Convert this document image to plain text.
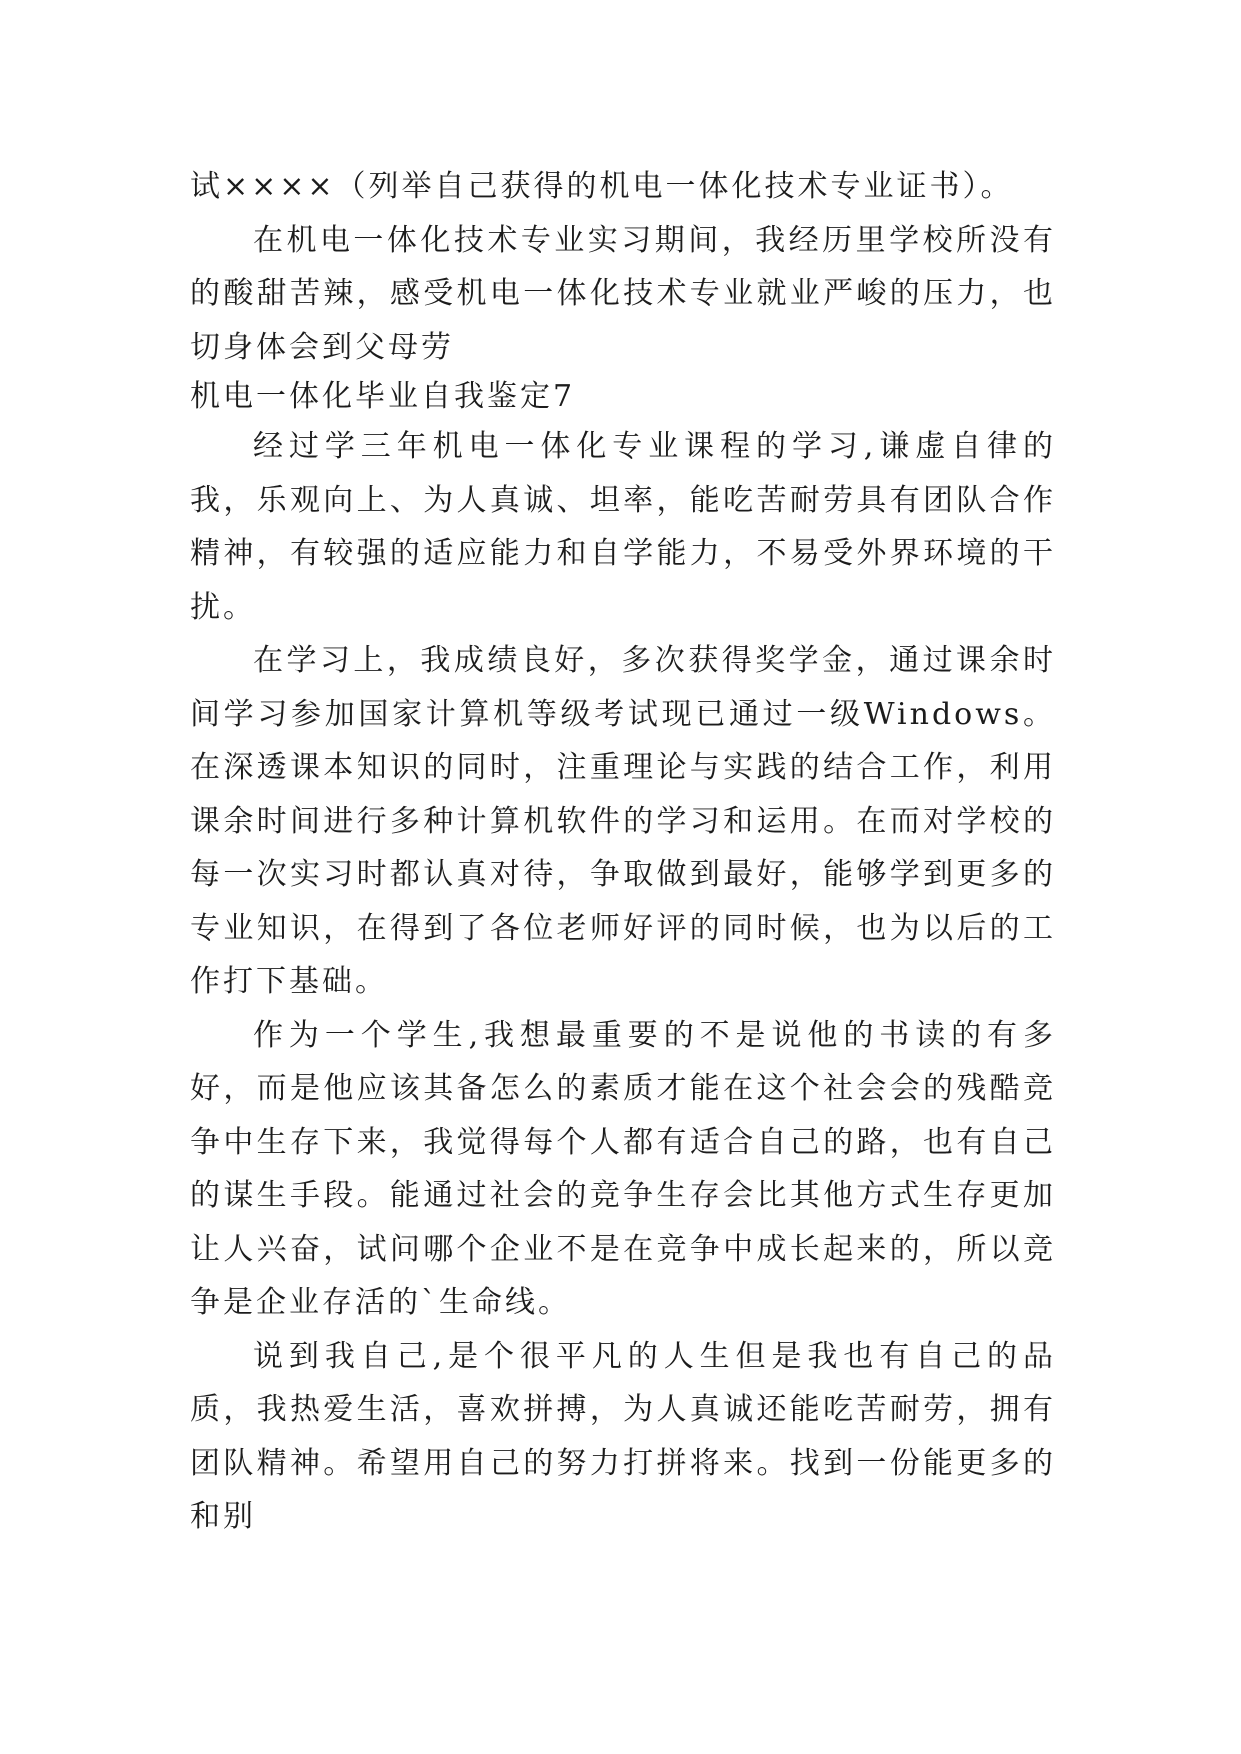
试××××（列举自己获得的机电一体化技术专业证书）。

在机电一体化技术专业实习期间，我经历里学校所没有的酸甜苦辣，感受机电一体化技术专业就业严峻的压力，也切身体会到父母劳

机电一体化毕业自我鉴定7

经过学三年机电一体化专业课程的学习,谦虚自律的我，乐观向上、为人真诚、坦率，能吃苦耐劳具有团队合作精神，有较强的适应能力和自学能力，不易受外界环境的干扰。

在学习上，我成绩良好，多次获得奖学金，通过课余时间学习参加国家计算机等级考试现已通过一级Windows。在深透课本知识的同时，注重理论与实践的结合工作，利用课余时间进行多种计算机软件的学习和运用。在而对学校的每一次实习时都认真对待，争取做到最好，能够学到更多的专业知识，在得到了各位老师好评的同时候，也为以后的工作打下基础。

作为一个学生,我想最重要的不是说他的书读的有多好，而是他应该其备怎么的素质才能在这个社会会的残酷竞争中生存下来，我觉得每个人都有适合自己的路，也有自己的谋生手段。能通过社会的竞争生存会比其他方式生存更加让人兴奋，试问哪个企业不是在竞争中成长起来的，所以竞争是企业存活的`生命线。

说到我自己,是个很平凡的人生但是我也有自己的品质，我热爱生活，喜欢拼搏，为人真诚还能吃苦耐劳，拥有团队精神。希望用自己的努力打拼将来。找到一份能更多的和别
